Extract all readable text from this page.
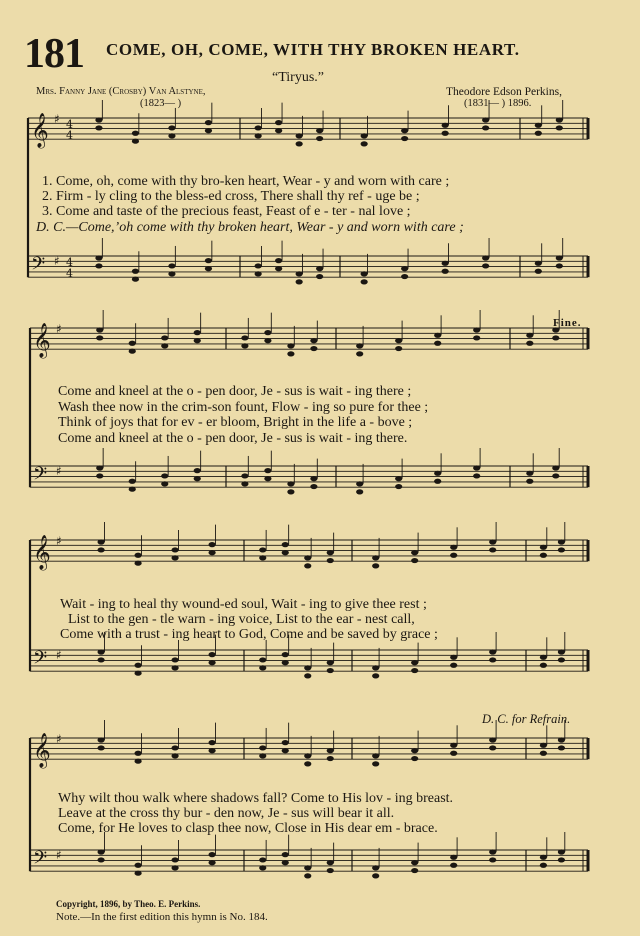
181 COME, OH, COME, WITH THY BROKEN HEART.
“Tiryus.”
Mrs. Fanny Jane (Crosby) Van Alstyne,
(1823— )
Theodore Edson Perkins,
(1831— ) 1896.
𝄞 ♯ 4
4
𝄢 ♯ 4
4
𝄞 ♯
𝄢 ♯
𝄞 ♯
𝄢 ♯
𝄞 ♯
𝄢 ♯
1. Come, oh, come with thy bro-ken heart, Wear - y and worn with care ;
2. Firm - ly cling to the bless-ed cross, There shall thy ref - uge be ;
3. Come and taste of the precious feast, Feast of e - ter - nal love ;
D. C.—Come,’oh come with thy broken heart, Wear - y and worn with care ;
Fine.
Come and kneel at the o - pen door, Je - sus is wait - ing there ;
Wash thee now in the crim-son fount, Flow - ing so pure for thee ;
Think of joys that for ev - er bloom, Bright in the life a - bove ;
Come and kneel at the o - pen door, Je - sus is wait - ing there.
Wait - ing to heal thy wound-ed soul, Wait - ing to give thee rest ;
List to the gen - tle warn - ing voice, List to the ear - nest call,
Come with a trust - ing heart to God, Come and be saved by grace ;
D. C. for Refrain.
Why wilt thou walk where shadows fall? Come to His lov - ing breast.
Leave at the cross thy bur - den now, Je - sus will bear it all.
Come, for He loves to clasp thee now, Close in His dear em - brace.
Copyright, 1896, by Theo. E. Perkins.
Note.—In the first edition this hymn is No. 184.
